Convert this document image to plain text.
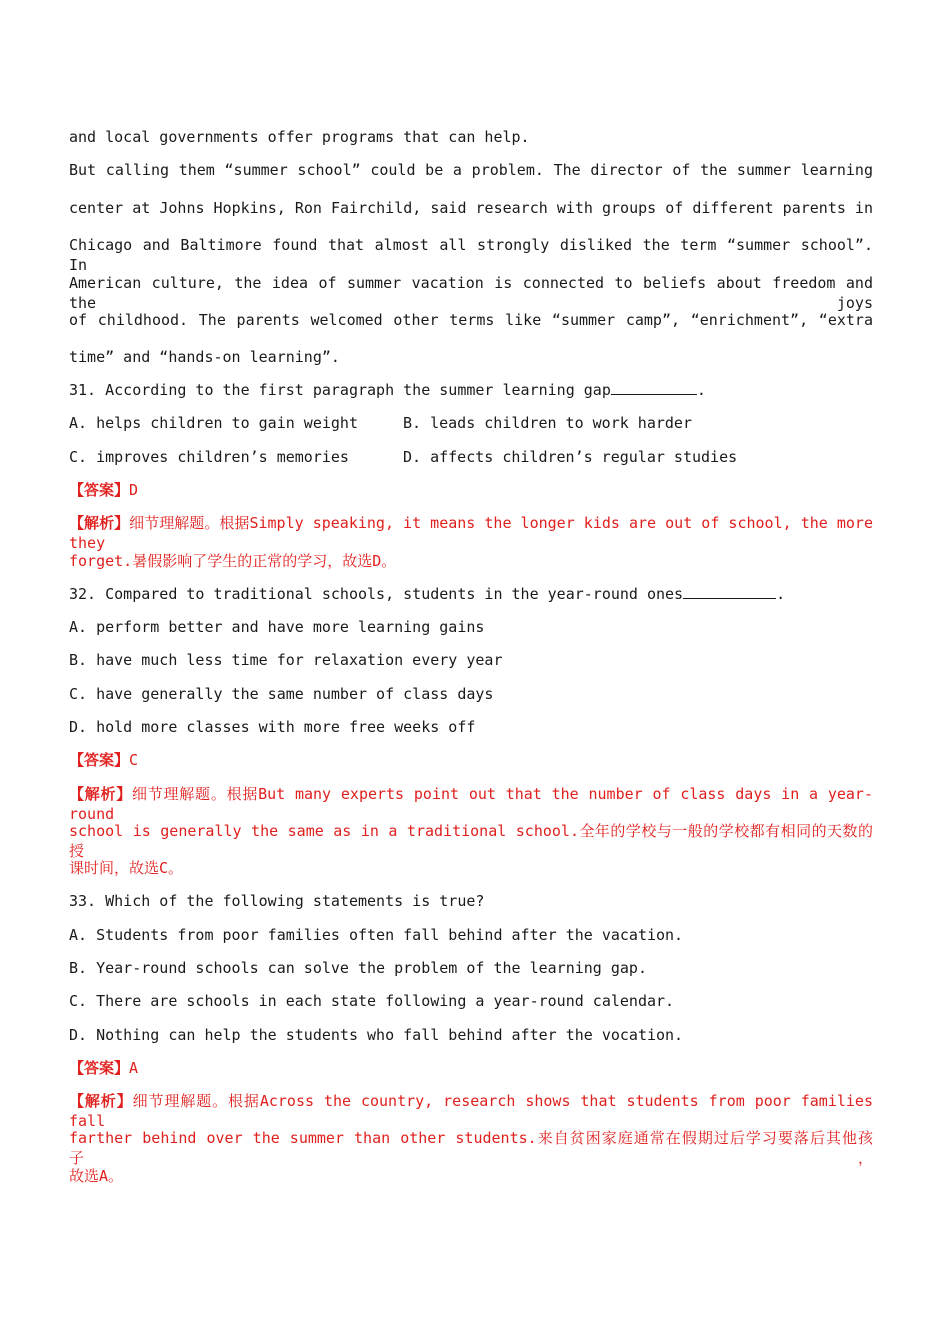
and local governments offer programs that can help.
But calling them “summer school” could be a problem. The director of the summer learning
center at Johns Hopkins, Ron Fairchild, said research with groups of different parents in
Chicago and Baltimore found that almost all strongly disliked the term “summer school”. In
American culture, the idea of summer vacation is connected to beliefs about freedom and the joys
of childhood. The parents welcomed other terms like “summer camp”, “enrichment”, “extra
time” and “hands-on learning”.
31. According to the first paragraph the summer learning gap	.
A. helps children to gain weight	B. leads children to work harder
C. improves children’s memories	D. affects children’s regular studies
【答案】D
【解析】细节理解题。根据Simply speaking, it means the longer kids are out of school, the more they
forget.暑假影响了学生的正常的学习，故选D。
32. Compared to traditional schools, students in the year-round ones	.
A. perform better and have more learning gains
B. have much less time for relaxation every year
C. have generally the same number of class days
D. hold more classes with more free weeks off
【答案】C
【解析】细节理解题。根据But many experts point out that the number of class days in a year-round
school is generally the same as in a traditional school.全年的学校与一般的学校都有相同的天数的授
课时间，故选C。
33. Which of the following statements is true?
A. Students from poor families often fall behind after the vacation.
B. Year-round schools can solve the problem of the learning gap.
C. There are schools in each state following a year-round calendar.
D. Nothing can help the students who fall behind after the vocation.
【答案】A
【解析】细节理解题。根据Across the country, research shows that students from poor families fall
farther behind over the summer than other students.来自贫困家庭通常在假期过后学习要落后其他孩子，
故选A。
